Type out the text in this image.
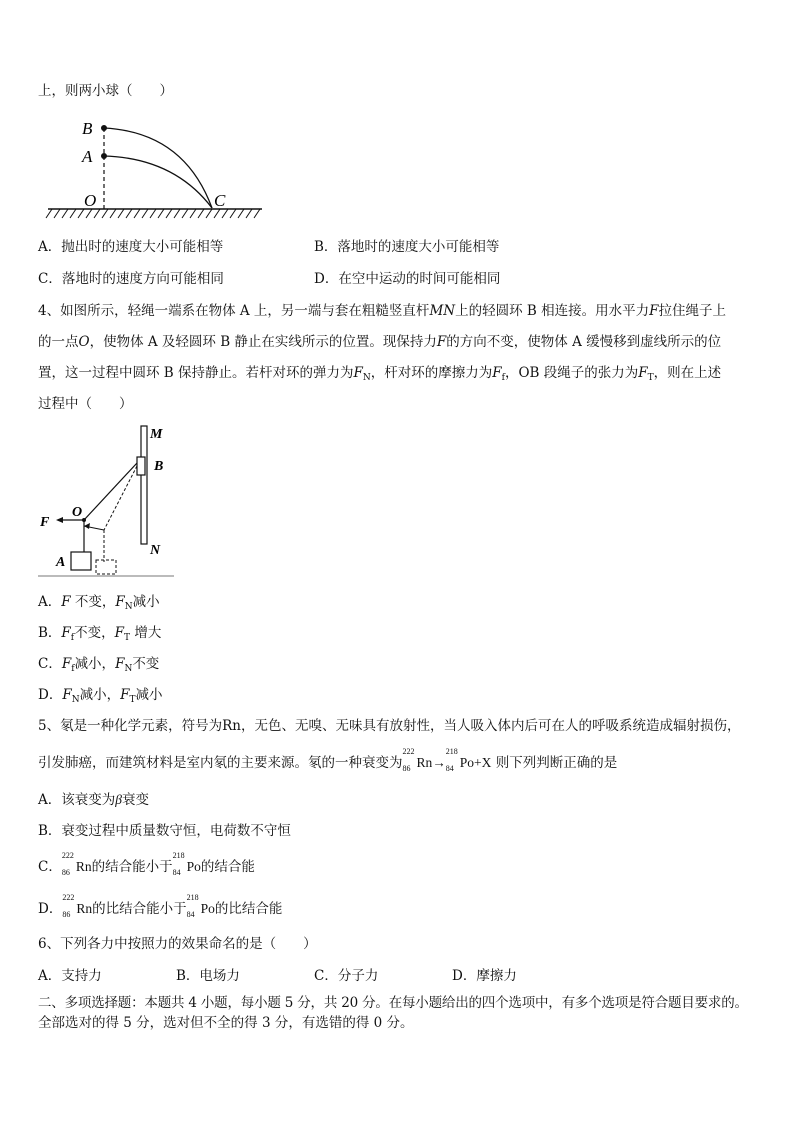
上，则两小球（　　）
B
A
O	C
A．抛出时的速度大小可能相等	B．落地时的速度大小可能相等
C．落地时的速度方向可能相同	D．在空中运动的时间可能相同
4、如图所示，轻绳一端系在物体 A 上，另一端与套在粗糙竖直杆MN上的轻圆环 B 相连接。用水平力F拉住绳子上
的一点O，使物体 A 及轻圆环 B 静止在实线所示的位置。现保持力F的方向不变，使物体 A 缓慢移到虚线所示的位
置，这一过程中圆环 B 保持静止。若杆对环的弹力为$F_N$，杆对环的摩擦力为$F_f$，OB 段绳子的张力为$F_T$，则在上述
过程中（　　）
M
B
O
F
A
N
A．F 不变，$F_N$减小
B．$F_f$不变，$F_T$ 增大
C．$F_f$减小，$F_N$不变
D．$F_N$减小，$F_T$减小
5、氡是一种化学元素，符号为Rn，无色、无嗅、无味具有放射性，当人吸入体内后可在人的呼吸系统造成辐射损伤，
引发肺癌，而建筑材料是室内氡的主要来源。氡的一种衰变为
222
86 Rn→
218
84 Po+X 则下列判断正确的是
A．该衰变为β衰变
B．衰变过程中质量数守恒，电荷数不守恒
C．
222
86 Rn的结合能小于
218
84 Po的结合能
D．
222
86 Rn的比结合能小于
218
84 Po的比结合能
6、下列各力中按照力的效果命名的是（　　）
A．支持力	B．电场力	C．分子力	D．摩擦力
二、多项选择题：本题共 4 小题，每小题 5 分，共 20 分。在每小题给出的四个选项中，有多个选项是符合题目要求的。
全部选对的得 5 分，选对但不全的得 3 分，有选错的得 0 分。
